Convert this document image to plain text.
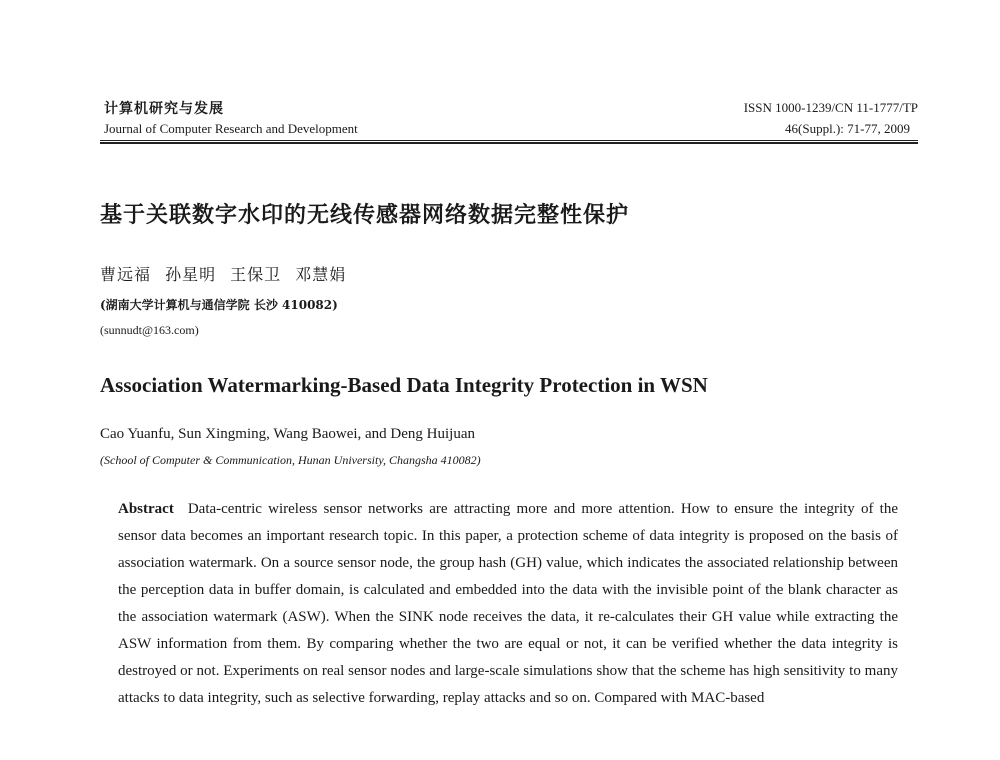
计算机研究与发展
Journal of Computer Research and Development
ISSN 1000-1239/CN 11-1777/TP
46(Suppl.): 71-77, 2009
基于关联数字水印的无线传感器网络数据完整性保护
曹远福 孙星明 王保卫 邓慧娟
(湖南大学计算机与通信学院 长沙 410082)
(sunnudt@163.com)
Association Watermarking-Based Data Integrity Protection in WSN
Cao Yuanfu, Sun Xingming, Wang Baowei, and Deng Huijuan
(School of Computer & Communication, Hunan University, Changsha 410082)
Abstract Data-centric wireless sensor networks are attracting more and more attention. How to ensure the integrity of the sensor data becomes an important research topic. In this paper, a protection scheme of data integrity is proposed on the basis of association watermark. On a source sensor node, the group hash (GH) value, which indicates the associated relationship between the perception data in buffer domain, is calculated and embedded into the data with the invisible point of the blank character as the association watermark (ASW). When the SINK node receives the data, it re-calculates their GH value while extracting the ASW information from them. By comparing whether the two are equal or not, it can be verified whether the data integrity is destroyed or not. Experiments on real sensor nodes and large-scale simulations show that the scheme has high sensitivity to many attacks to data integrity, such as selective forwarding, replay attacks and so on. Compared with MAC-based
